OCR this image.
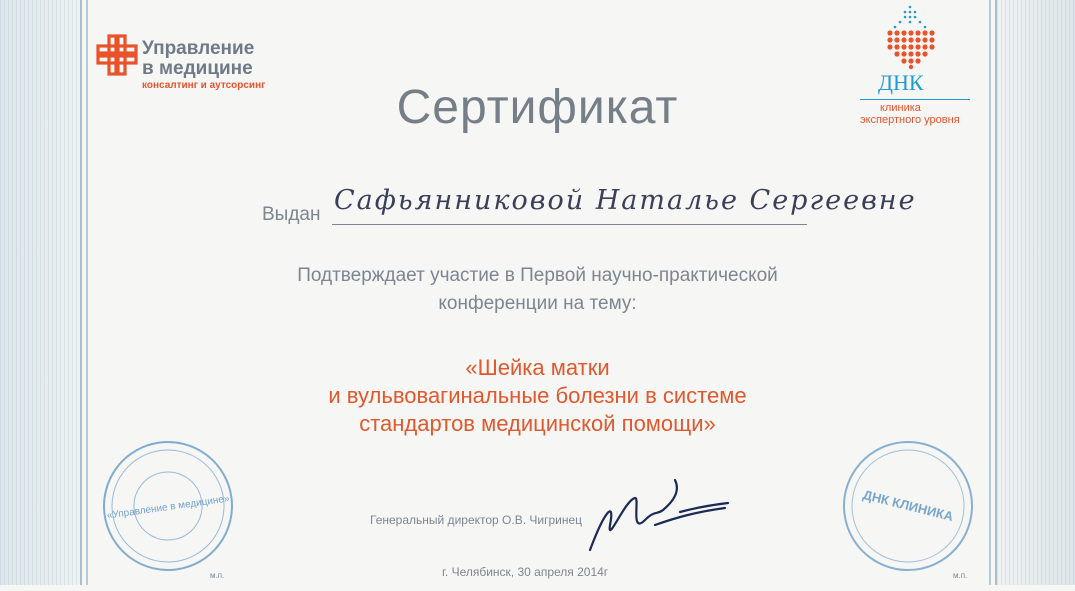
Управление
в медицине
консалтинг и аутсорсинг	ДНК
клиника
экспертного уровня
Сертификат
Выдан Сафьянниковой Наталье Сергеевне
Подтверждает участие в Первой научно-практической
конференции на тему:
«Шейка матки
и вульвовагинальные болезни в системе
стандартов медицинской помощи»
«Управление в медицине»	ДНК КЛИНИКА
Генеральный директор О.В. Чигринец
г. Челябинск, 30 апреля 2014г
м.п.	м.п.
